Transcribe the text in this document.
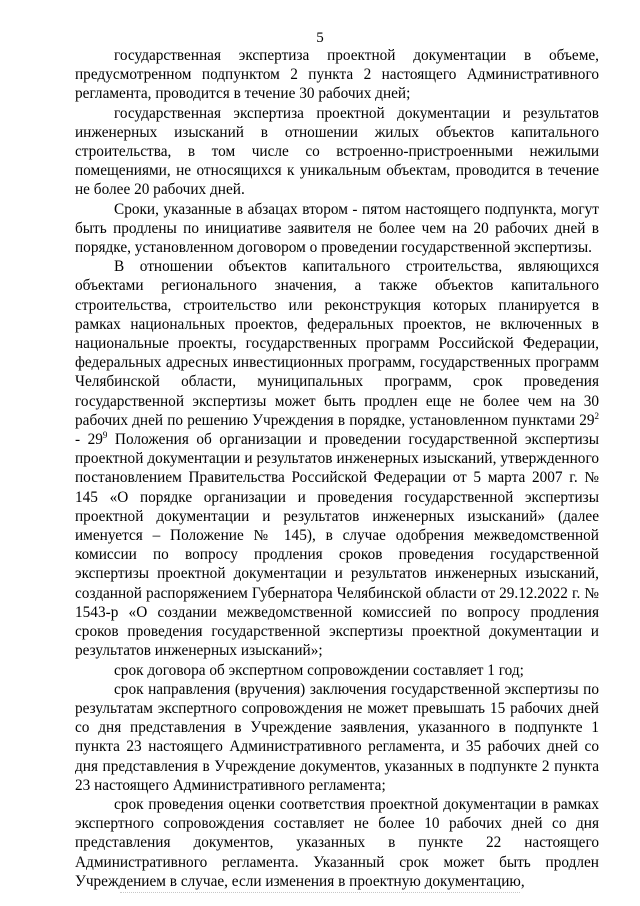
5

государственная экспертиза проектной документации в объеме, предусмотренном подпунктом 2 пункта 2 настоящего Административного регламента, проводится в течение 30 рабочих дней;

государственная экспертиза проектной документации и результатов инженерных изысканий в отношении жилых объектов капитального строительства, в том числе со встроенно-пристроенными нежилыми помещениями, не относящихся к уникальным объектам, проводится в течение не более 20 рабочих дней.

Сроки, указанные в абзацах втором - пятом настоящего подпункта, могут быть продлены по инициативе заявителя не более чем на 20 рабочих дней в порядке, установленном договором о проведении государственной экспертизы.

В отношении объектов капитального строительства, являющихся объектами регионального значения, а также объектов капитального строительства, строительство или реконструкция которых планируется в рамках национальных проектов, федеральных проектов, не включенных в национальные проекты, государственных программ Российской Федерации, федеральных адресных инвестиционных программ, государственных программ Челябинской области, муниципальных программ, срок проведения государственной экспертизы может быть продлен еще не более чем на 30 рабочих дней по решению Учреждения в порядке, установленном пунктами $29^2 - 29^9$ Положения об организации и проведении государственной экспертизы проектной документации и результатов инженерных изысканий, утвержденного постановлением Правительства Российской Федерации от 5 марта 2007 г. № 145 «О порядке организации и проведения государственной экспертизы проектной документации и результатов инженерных изысканий» (далее именуется – Положение № 145), в случае одобрения межведомственной комиссии по вопросу продления сроков проведения государственной экспертизы проектной документации и результатов инженерных изысканий, созданной распоряжением Губернатора Челябинской области от 29.12.2022 г. № 1543-р «О создании межведомственной комиссией по вопросу продления сроков проведения государственной экспертизы проектной документации и результатов инженерных изысканий»;

срок договора об экспертном сопровождении составляет 1 год;

срок направления (вручения) заключения государственной экспертизы по результатам экспертного сопровождения не может превышать 15 рабочих дней со дня представления в Учреждение заявления, указанного в подпункте 1 пункта 23 настоящего Административного регламента, и 35 рабочих дней со дня представления в Учреждение документов, указанных в подпункте 2 пункта 23 настоящего Административного регламента;

срок проведения оценки соответствия проектной документации в рамках экспертного сопровождения составляет не более 10 рабочих дней со дня представления документов, указанных в пункте 22 настоящего Административного регламента. Указанный срок может быть продлен Учреждением в случае, если изменения в проектную документацию,
